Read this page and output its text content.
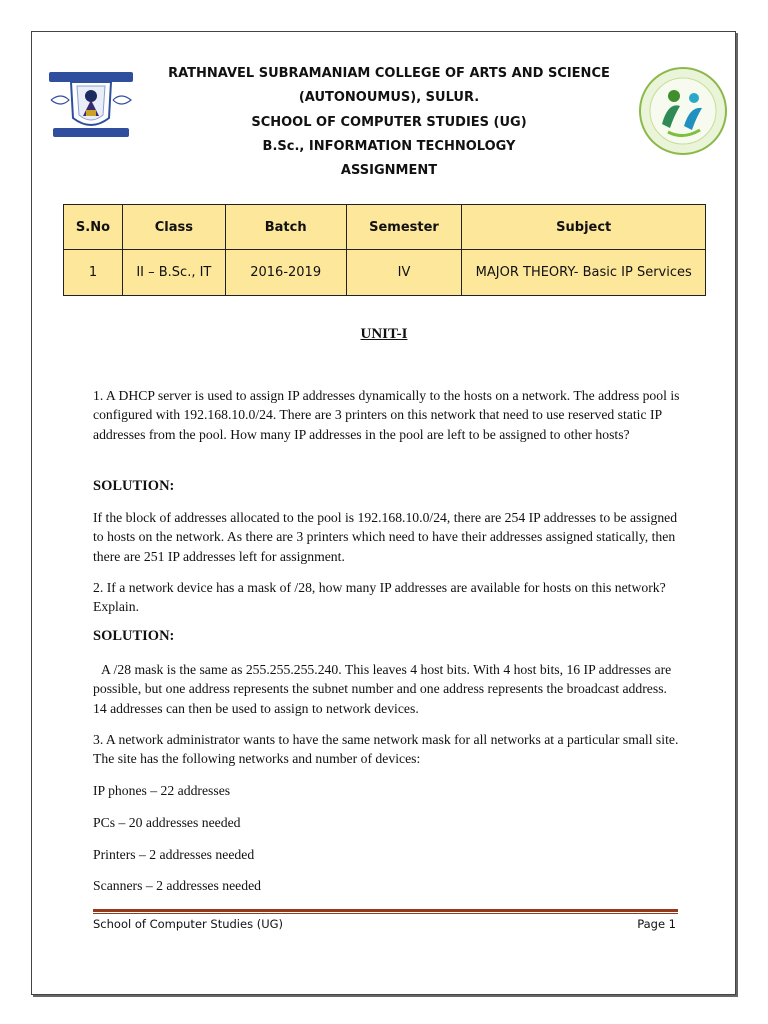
RATHNAVEL SUBRAMANIAM COLLEGE OF ARTS AND SCIENCE
(AUTONOUMUS), SULUR.
SCHOOL OF COMPUTER STUDIES (UG)
B.Sc., INFORMATION TECHNOLOGY
ASSIGNMENT
S.No	Class	Batch	Semester	Subject
1	II – B.Sc., IT	2016-2019	IV	MAJOR THEORY- Basic IP Services
UNIT-I

1. A DHCP server is used to assign IP addresses dynamically to the hosts on a network. The address pool is configured with 192.168.10.0/24. There are 3 printers on this network that need to use reserved static IP addresses from the pool. How many IP addresses in the pool are left to be assigned to other hosts?

SOLUTION:

If the block of addresses allocated to the pool is 192.168.10.0/24, there are 254 IP addresses to be assigned to hosts on the network. As there are 3 printers which need to have their addresses assigned statically, then there are 251 IP addresses left for assignment.

2. If a network device has a mask of /28, how many IP addresses are available for hosts on this network? Explain.

SOLUTION:

A /28 mask is the same as 255.255.255.240. This leaves 4 host bits. With 4 host bits, 16 IP addresses are possible, but one address represents the subnet number and one address represents the broadcast address. 14 addresses can then be used to assign to network devices.

3. A network administrator wants to have the same network mask for all networks at a particular small site. The site has the following networks and number of devices:

IP phones – 22 addresses

PCs – 20 addresses needed

Printers – 2 addresses needed

Scanners – 2 addresses needed

School of Computer Studies (UG)	Page 1
